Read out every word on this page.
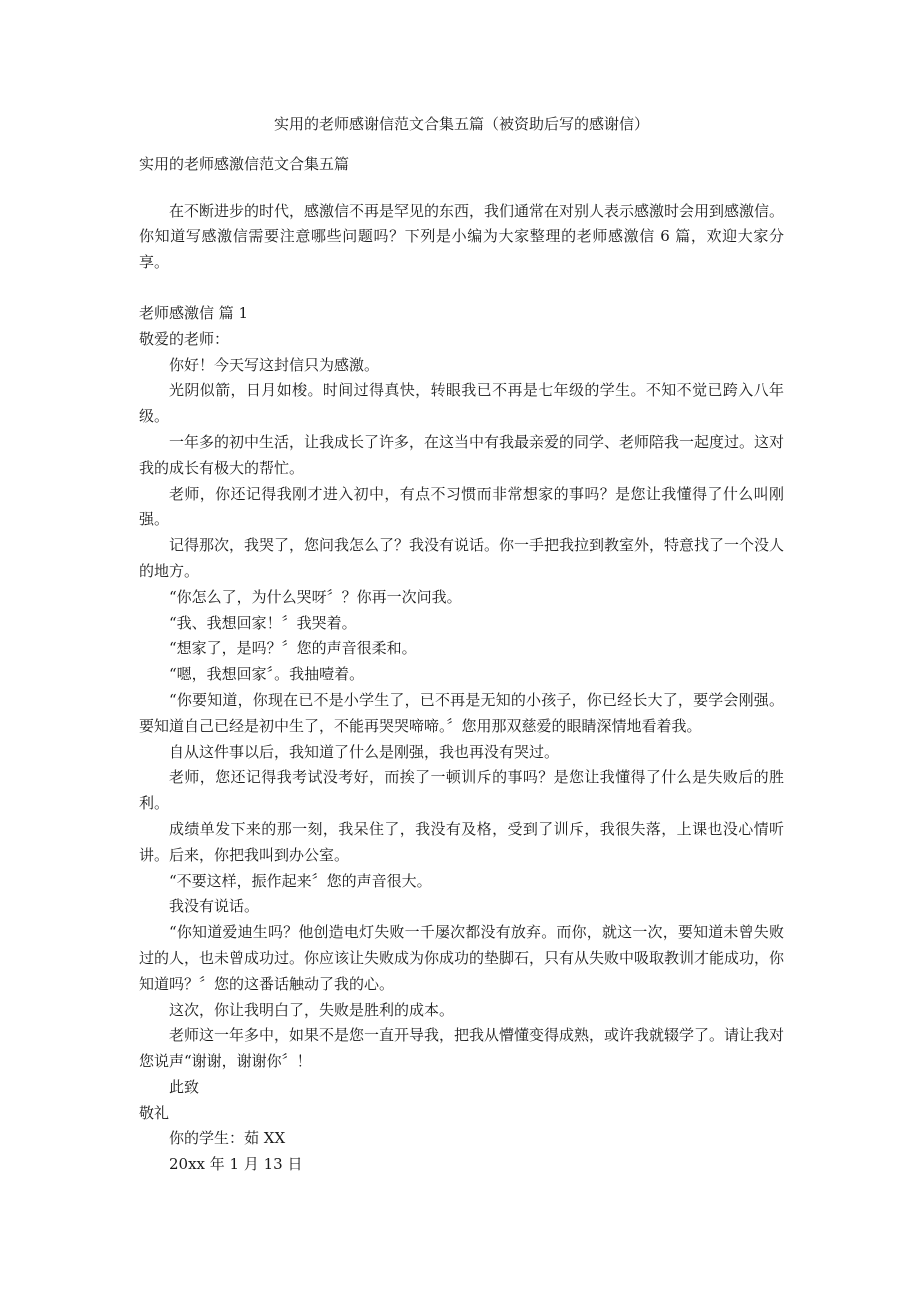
实用的老师感谢信范文合集五篇（被资助后写的感谢信）

实用的老师感激信范文合集五篇

在不断进步的时代，感激信不再是罕见的东西，我们通常在对别人表示感激时会用到感激信。你知道写感激信需要注意哪些问题吗？下列是小编为大家整理的老师感激信 6 篇，欢迎大家分享。

老师感激信 篇 1

敬爱的老师：

你好！今天写这封信只为感激。

光阴似箭，日月如梭。时间过得真快，转眼我已不再是七年级的学生。不知不觉已跨入八年级。

一年多的初中生活，让我成长了许多，在这当中有我最亲爱的同学、老师陪我一起度过。这对我的成长有极大的帮忙。

老师，你还记得我刚才进入初中，有点不习惯而非常想家的事吗？是您让我懂得了什么叫刚强。

记得那次，我哭了，您问我怎么了？我没有说话。你一手把我拉到教室外，特意找了一个没人的地方。

“你怎么了，为什么哭呀〞？你再一次问我。

“我、我想回家！〞我哭着。

“想家了，是吗？〞您的声音很柔和。

“嗯，我想回家〞。我抽噎着。

“你要知道，你现在已不是小学生了，已不再是无知的小孩子，你已经长大了，要学会刚强。要知道自己已经是初中生了，不能再哭哭啼啼。〞您用那双慈爱的眼睛深情地看着我。

自从这件事以后，我知道了什么是刚强，我也再没有哭过。

老师，您还记得我考试没考好，而挨了一顿训斥的事吗？是您让我懂得了什么是失败后的胜利。

成绩单发下来的那一刻，我呆住了，我没有及格，受到了训斥，我很失落，上课也没心情听讲。后来，你把我叫到办公室。

“不要这样，振作起来〞您的声音很大。

我没有说话。

“你知道爱迪生吗？他创造电灯失败一千屡次都没有放弃。而你，就这一次，要知道未曾失败过的人，也未曾成功过。你应该让失败成为你成功的垫脚石，只有从失败中吸取教训才能成功，你知道吗？〞您的这番话触动了我的心。

这次，你让我明白了，失败是胜利的成本。

老师这一年多中，如果不是您一直开导我，把我从懵懂变得成熟，或许我就辍学了。请让我对您说声“谢谢，谢谢你〞！

此致

敬礼

你的学生：茹 XX

20xx 年 1 月 13 日
